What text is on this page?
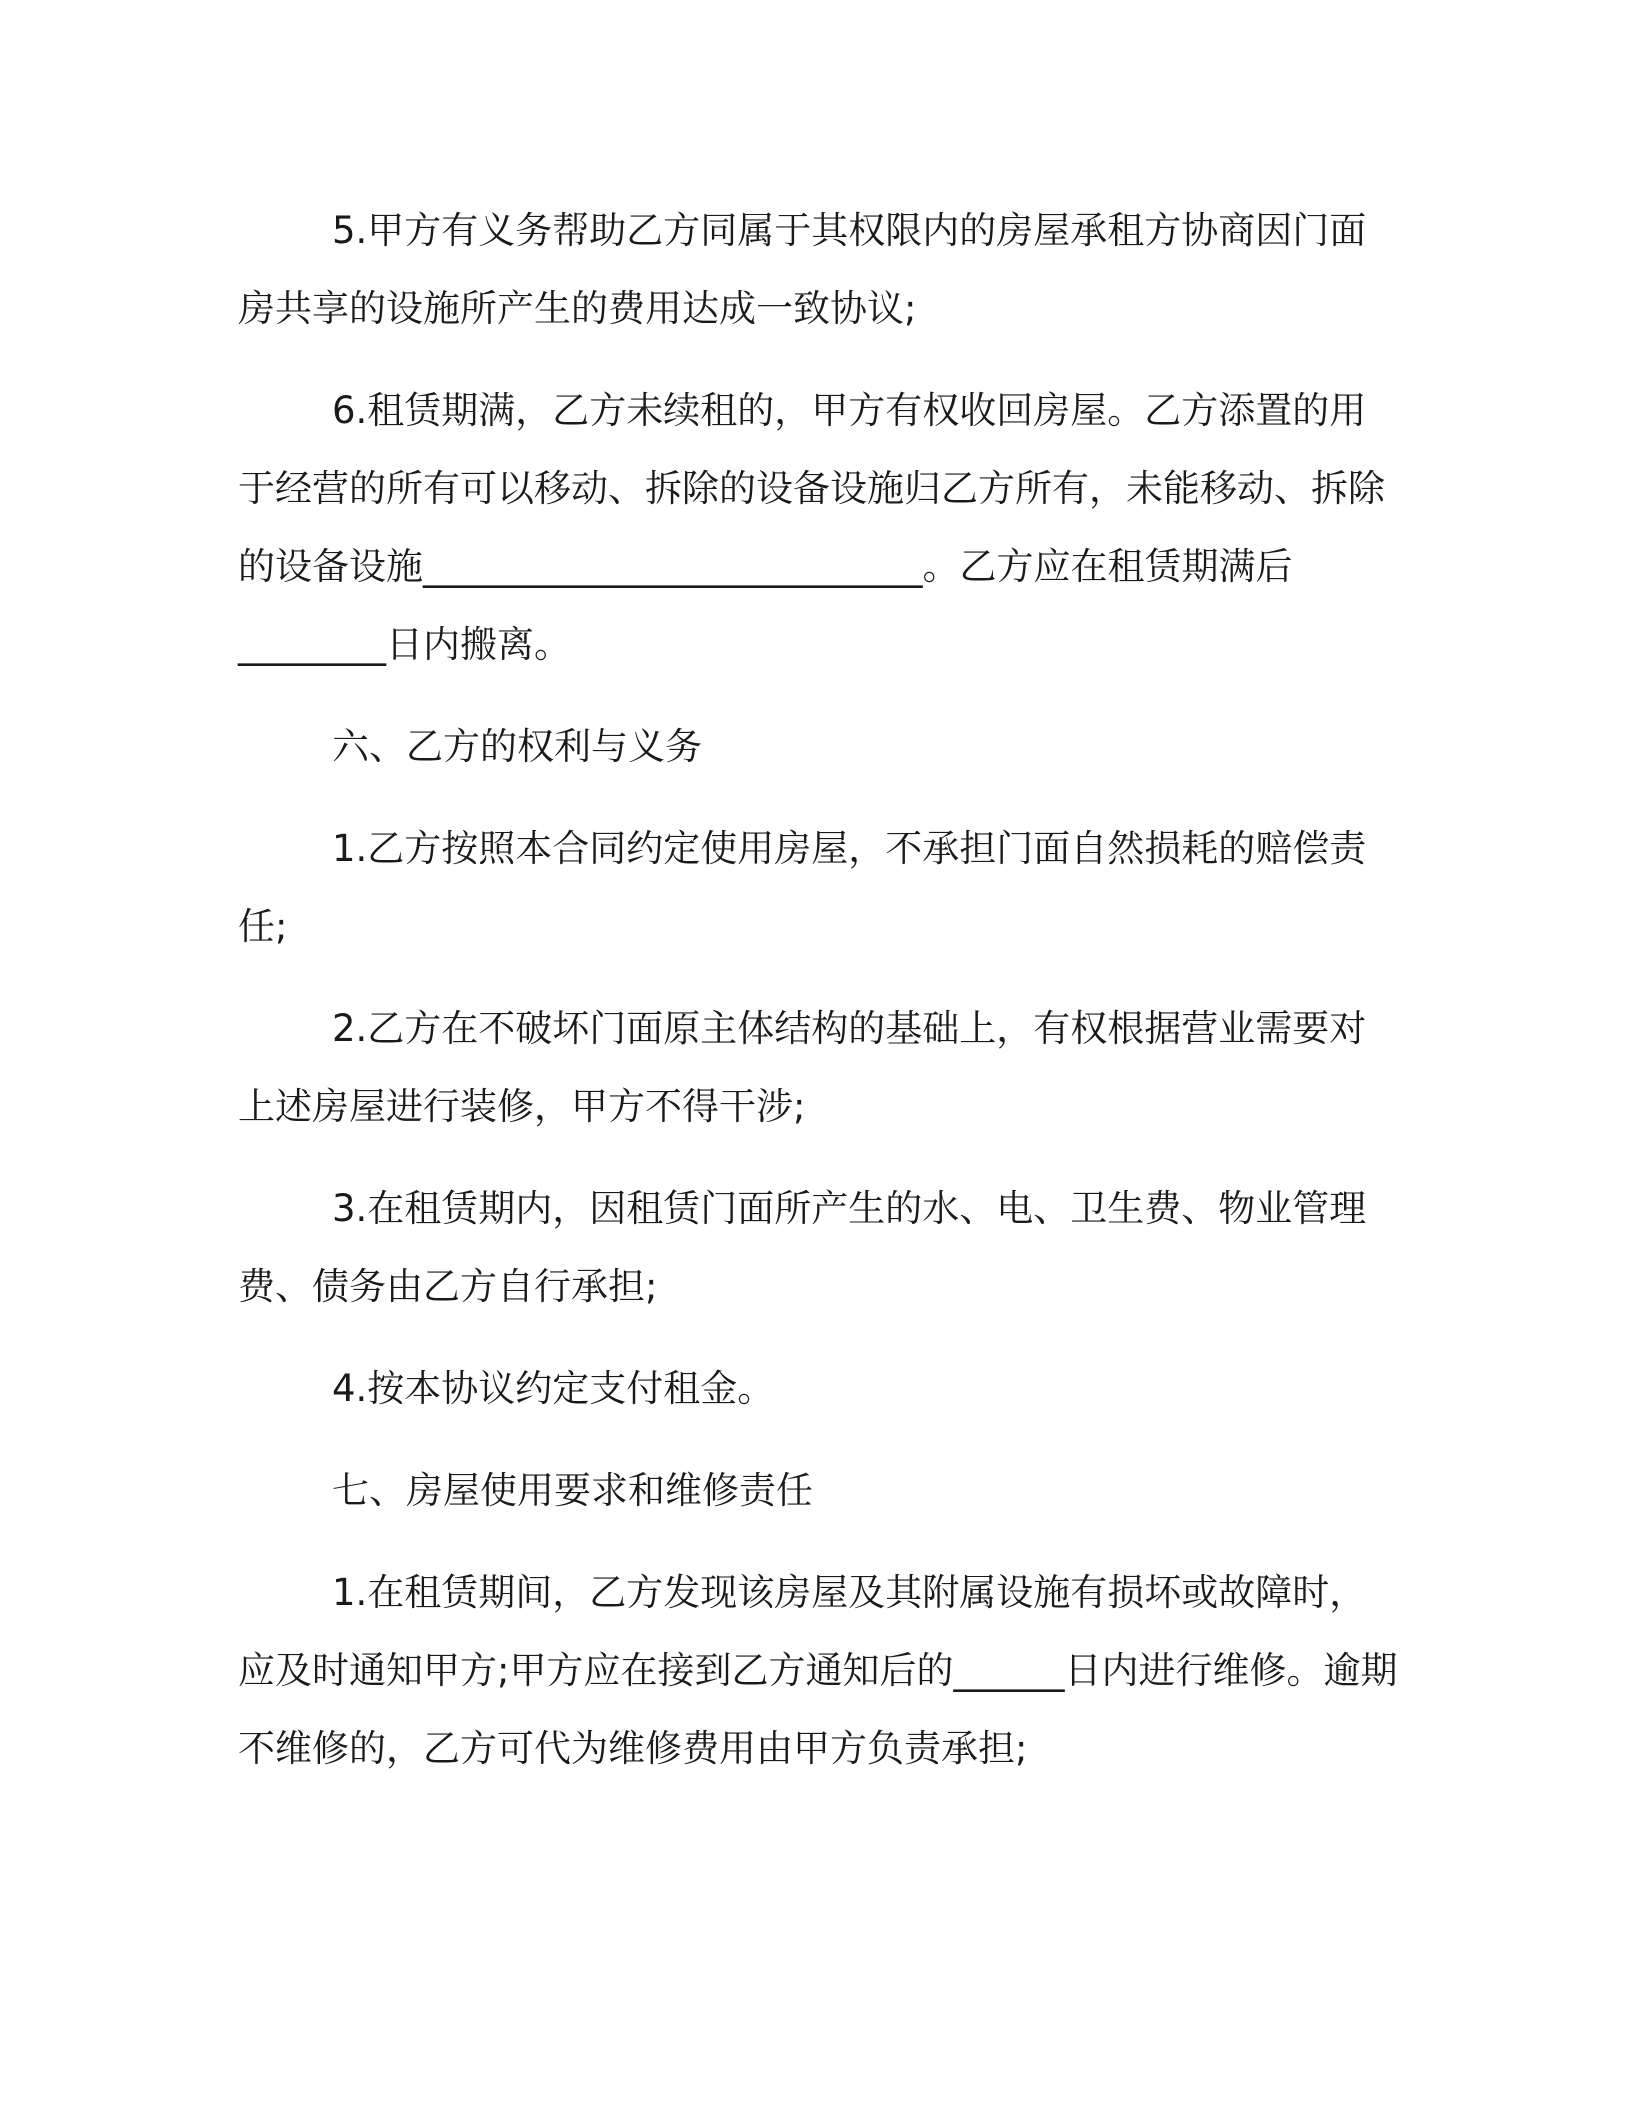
5.甲方有义务帮助乙方同属于其权限内的房屋承租方协商因门面房共享的设施所产生的费用达成一致协议;

6.租赁期满，乙方未续租的，甲方有权收回房屋。乙方添置的用于经营的所有可以移动、拆除的设备设施归乙方所有，未能移动、拆除的设备设施___________________________。乙方应在租赁期满后________日内搬离。

六、乙方的权利与义务

1.乙方按照本合同约定使用房屋，不承担门面自然损耗的赔偿责任;

2.乙方在不破坏门面原主体结构的基础上，有权根据营业需要对上述房屋进行装修，甲方不得干涉;

3.在租赁期内，因租赁门面所产生的水、电、卫生费、物业管理费、债务由乙方自行承担;

4.按本协议约定支付租金。

七、房屋使用要求和维修责任

1.在租赁期间，乙方发现该房屋及其附属设施有损坏或故障时，应及时通知甲方;甲方应在接到乙方通知后的______日内进行维修。逾期不维修的，乙方可代为维修费用由甲方负责承担;
